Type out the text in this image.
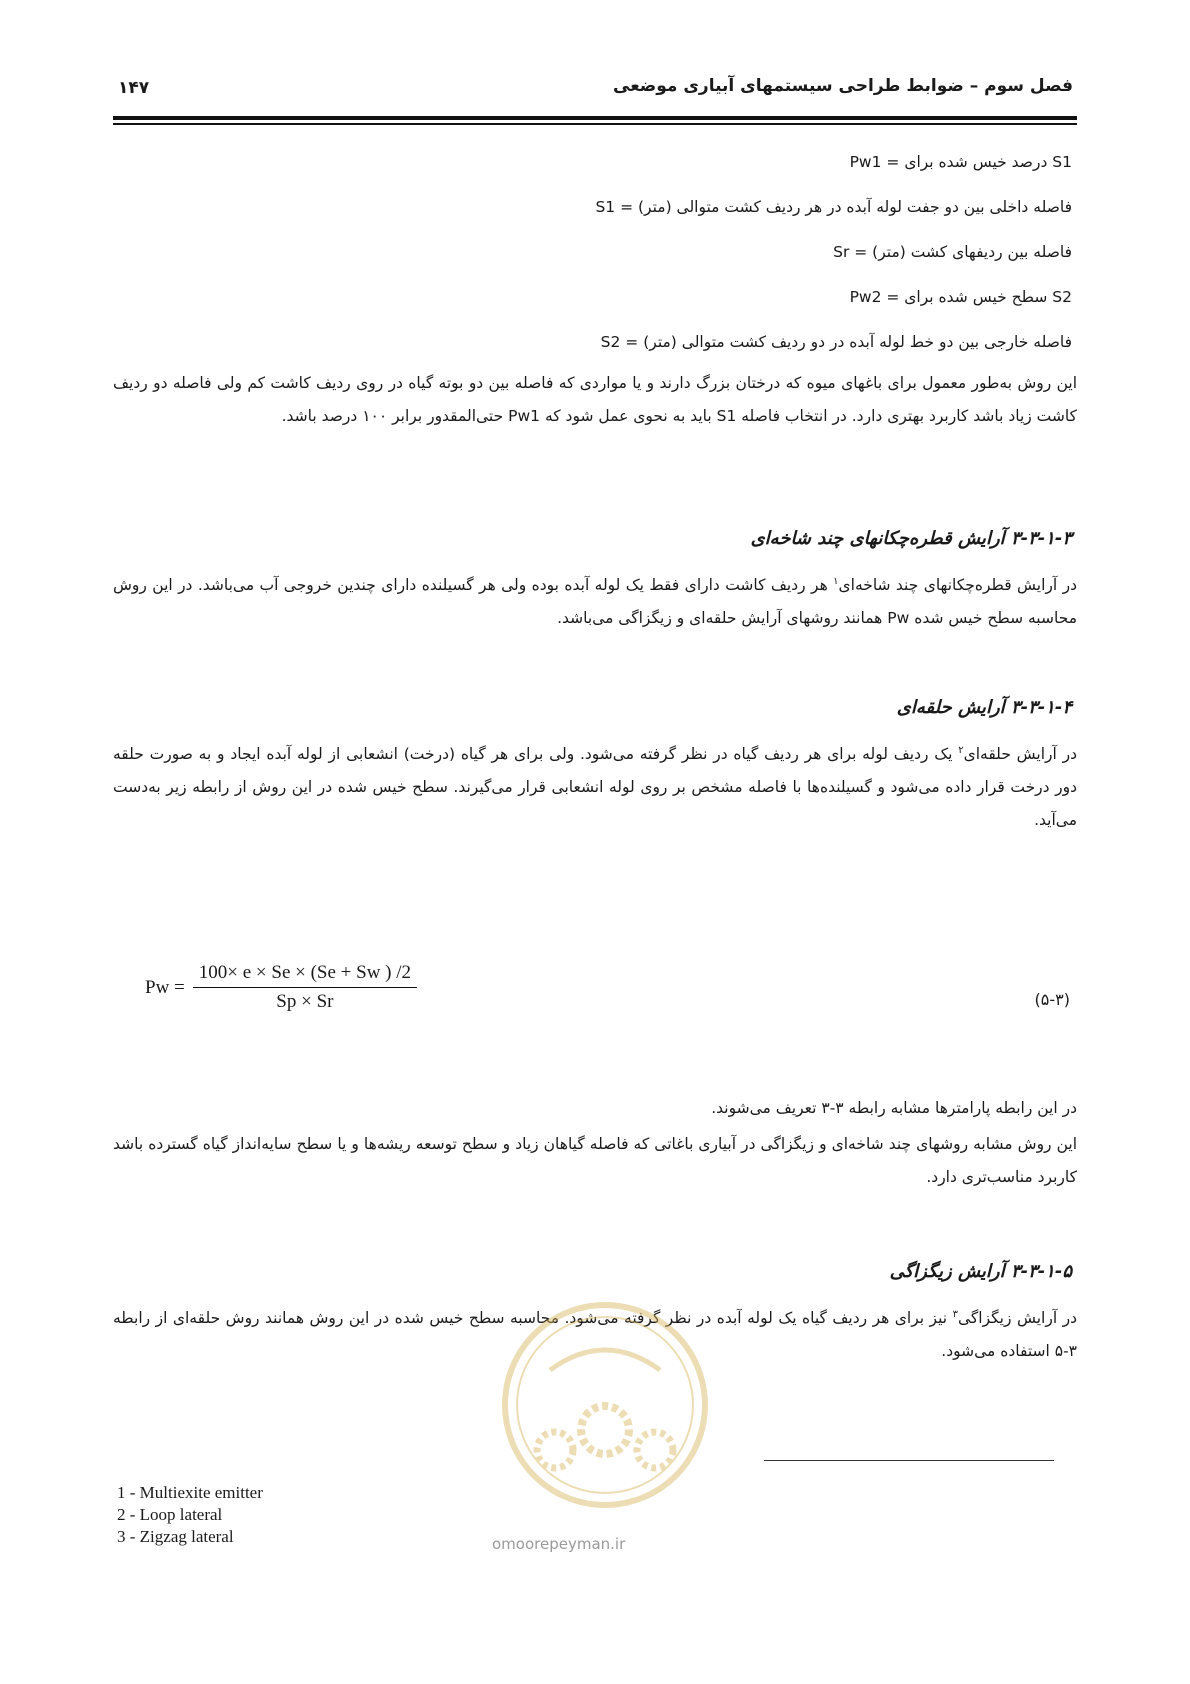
فصل سوم – ضوابط طراحی سیستمهای آبیاری موضعی
۱۴۷
Pw1 = درصد خیس شده برای S1
S1 = فاصله داخلی بین دو جفت لوله آبده در هر ردیف کشت متوالی (متر)
Sr = فاصله بین ردیفهای کشت (متر)
Pw2 = سطح خیس شده برای S2
S2 = فاصله خارجی بین دو خط لوله آبده در دو ردیف کشت متوالی (متر)

این روش به‌طور معمول برای باغهای میوه که درختان بزرگ دارند و یا مواردی که فاصله بین دو بوته گیاه در روی ردیف کاشت کم ولی فاصله دو ردیف کاشت زیاد باشد کاربرد بهتری دارد. در انتخاب فاصله S1 باید به نحوی عمل شود که Pw1 حتی‌المقدور برابر ۱۰۰ درصد باشد.

۳-۳-۱-۳ آرایش قطره‌چکانهای چند شاخه‌ای

در آرایش قطره‌چکانهای چند شاخه‌ای$^۱$ هر ردیف کاشت دارای فقط یک لوله آبده بوده ولی هر گسیلنده دارای چندین خروجی آب می‌باشد. در این روش محاسبه سطح خیس شده Pw همانند روشهای آرایش حلقه‌ای و زیگزاگی می‌باشد.

۳-۳-۱-۴ آرایش حلقه‌ای

در آرایش حلقه‌ای$^۲$ یک ردیف لوله برای هر ردیف گیاه در نظر گرفته می‌شود. ولی برای هر گیاه (درخت) انشعابی از لوله آبده ایجاد و به صورت حلقه دور درخت قرار داده می‌شود و گسیلنده‌ها با فاصله مشخص بر روی لوله انشعابی قرار می‌گیرند. سطح خیس شده در این روش از رابطه زیر به‌دست می‌آید.

$Pw = \frac{100\times e \times Se \times (Se + Sw ) /2}{Sp \times Sr}$	(۵-۳)

در این رابطه پارامترها مشابه رابطه ۳-۳ تعریف می‌شوند.

این روش مشابه روشهای چند شاخه‌ای و زیگزاگی در آبیاری باغاتی که فاصله گیاهان زیاد و سطح توسعه ریشه‌ها و یا سطح سایه‌انداز گیاه گسترده باشد کاربرد مناسب‌تری دارد.

۳-۳-۱-۵ آرایش زیگزاگی

در آرایش زیگزاگی$^۳$ نیز برای هر ردیف گیاه یک لوله آبده در نظر گرفته می‌شود. محاسبه سطح خیس شده در این روش همانند روش حلقه‌ای از رابطه ۳-۵ استفاده می‌شود.

omoorepeyman.ir
1 - Multiexite emitter
2 - Loop lateral
3 - Zigzag lateral
